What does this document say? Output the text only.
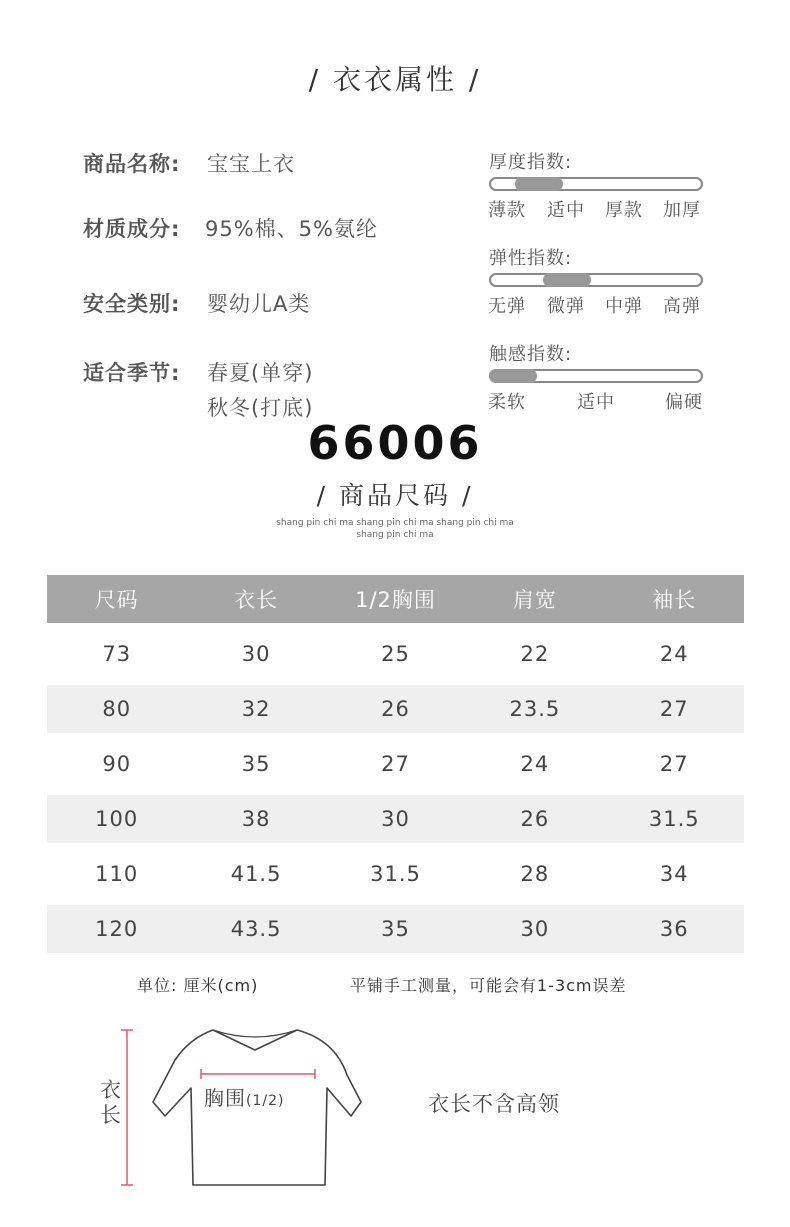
/ 衣衣属性 /
商品名称: 宝宝上衣
材质成分: 95%棉、5%氨纶
安全类别: 婴幼儿A类
适合季节: 春夏(单穿)
秋冬(打底)
厚度指数:
薄款 适中 厚款 加厚
弹性指数:
无弹 微弹 中弹 高弹
触感指数:
柔软	适中	偏硬
66006
/ 商品尺码 /
shang pin chi ma shang pin chi ma shang pin chi ma
shang pin chi ma
尺码	衣长	1/2胸围	肩宽	袖长
73	30	25	22	24
80	32	26	23.5	27
90	35	27	24	27
100	38	30	26	31.5
110	41.5	31.5	28	34
120	43.5	35	30	36
单位: 厘米(cm)	平铺手工测量，可能会有1-3cm误差
衣
长
胸围(1/2)	衣长不含高领
